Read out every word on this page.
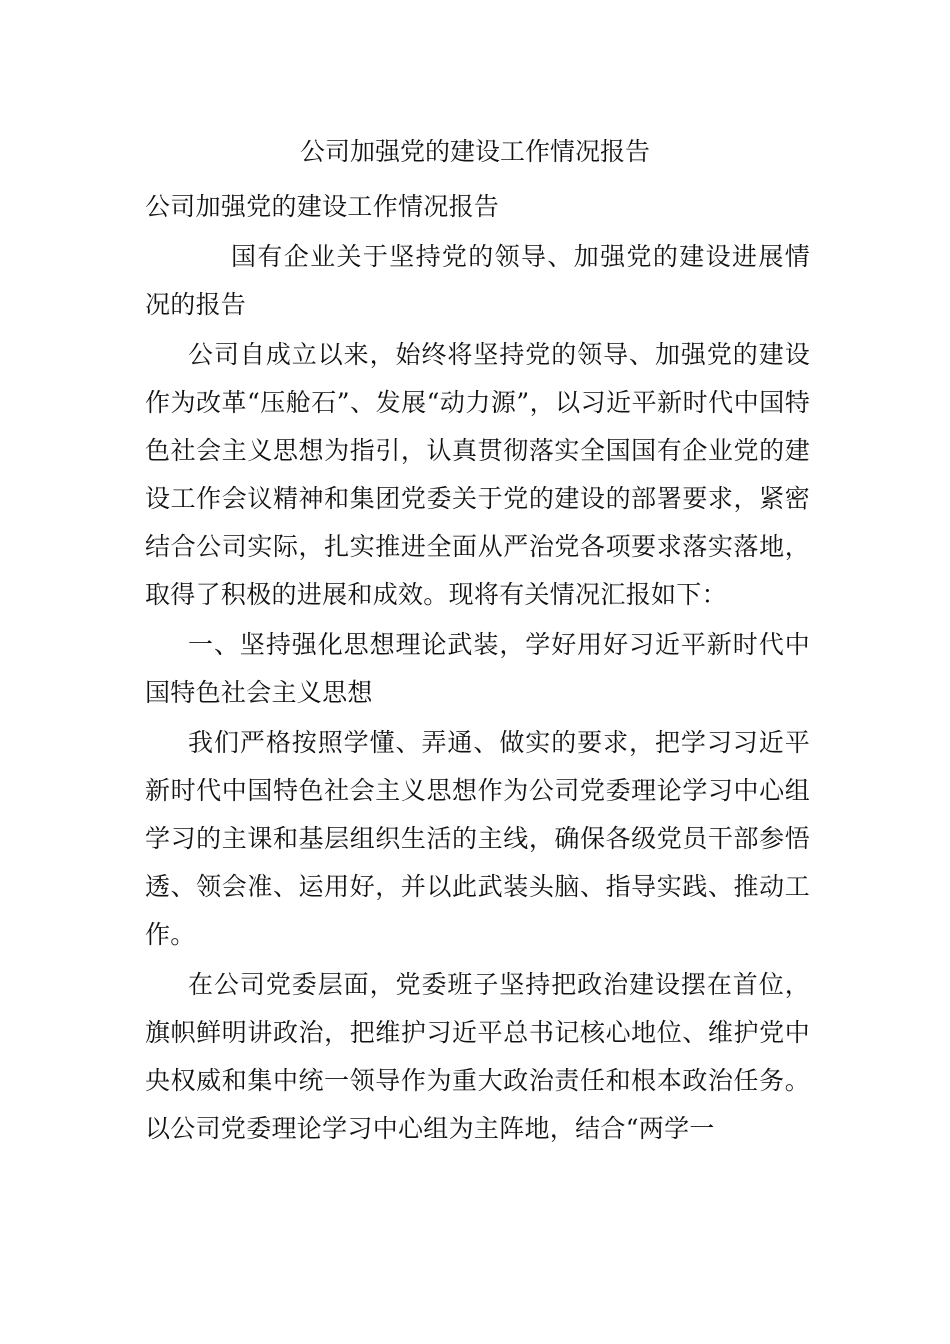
公司加强党的建设工作情况报告

公司加强党的建设工作情况报告

国有企业关于坚持党的领导、加强党的建设进展情况的报告

公司自成立以来，始终将坚持党的领导、加强党的建设作为改革“压舱石”、发展“动力源”，以习近平新时代中国特色社会主义思想为指引，认真贯彻落实全国国有企业党的建设工作会议精神和集团党委关于党的建设的部署要求，紧密结合公司实际，扎实推进全面从严治党各项要求落实落地，取得了积极的进展和成效。现将有关情况汇报如下：

一、坚持强化思想理论武装，学好用好习近平新时代中国特色社会主义思想

我们严格按照学懂、弄通、做实的要求，把学习习近平新时代中国特色社会主义思想作为公司党委理论学习中心组学习的主课和基层组织生活的主线，确保各级党员干部参悟透、领会准、运用好，并以此武装头脑、指导实践、推动工作。

在公司党委层面，党委班子坚持把政治建设摆在首位，旗帜鲜明讲政治，把维护习近平总书记核心地位、维护党中央权威和集中统一领导作为重大政治责任和根本政治任务。以公司党委理论学习中心组为主阵地，结合“两学一
